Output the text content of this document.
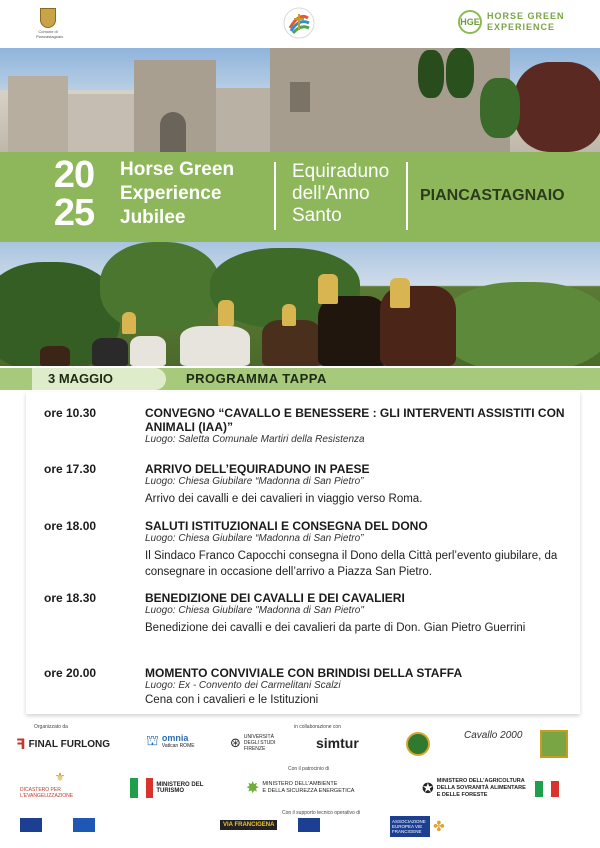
Comune di Piancastagnaio
HGE
HORSE GREEN
EXPERIENCE
20
25
Horse Green
Experience
Jubilee
Equiraduno
dell'Anno
Santo
PIANCASTAGNAIO
3 MAGGIO	PROGRAMMA TAPPA
ore 10.30	CONVEGNO “CAVALLO E BENESSERE : GLI INTERVENTI ASSISTITI CON ANIMALI (IAA)”
Luogo: Saletta Comunale Martiri della Resistenza
ore 17.30	ARRIVO DELL’EQUIRADUNO IN PAESE
Luogo: Chiesa Giubilare “Madonna di San Pietro”
Arrivo dei cavalli e dei cavalieri in viaggio verso Roma.
ore 18.00	SALUTI ISTITUZIONALI E CONSEGNA DEL DONO
Luogo: Chiesa Giubilare “Madonna di San Pietro”
Il Sindaco Franco Capocchi consegna il Dono della Città perl’evento giubilare, da consegnare in occasione dell’arrivo a Piazza San Pietro.
ore 18.30	BENEDIZIONE DEI CAVALLI E DEI CAVALIERI
Luogo: Chiesa Giubilare "Madonna di San Pietro"
Benedizione dei cavalli e dei cavalieri da parte di Don. Gian Pietro Guerrini
ore 20.00	MOMENTO CONVIVIALE CON BRINDISI DELLA STAFFA
Luogo: Ex - Convento dei Carmelitani Scalzi
Cena con i cavalieri e le Istituzioni
Organizzato da	in collaborazione con
ꟻ FINAL FURLONG	⛫ omnia
Vatican ROME	⊛ UNIVERSITÀ DEGLI STUDI FIRENZE	simtur	Cavallo 2000
Con il patrocinio di
⚜
DICASTERO PER L'EVANGELIZZAZIONE
MINISTERO DEL TURISMO	✸ MINISTERO DELL'AMBIENTE
E DELLA SICUREZZA ENERGETICA	✪ MINISTERO DELL'AGRICOLTURA
DELLA SOVRANITÀ ALIMENTARE
E DELLE FORESTE
Con il supporto tecnico operativo di
VIA FRANCIGENA
ASSOCIAZIONE EUROPEA VIE FRANCIGENE ✤
